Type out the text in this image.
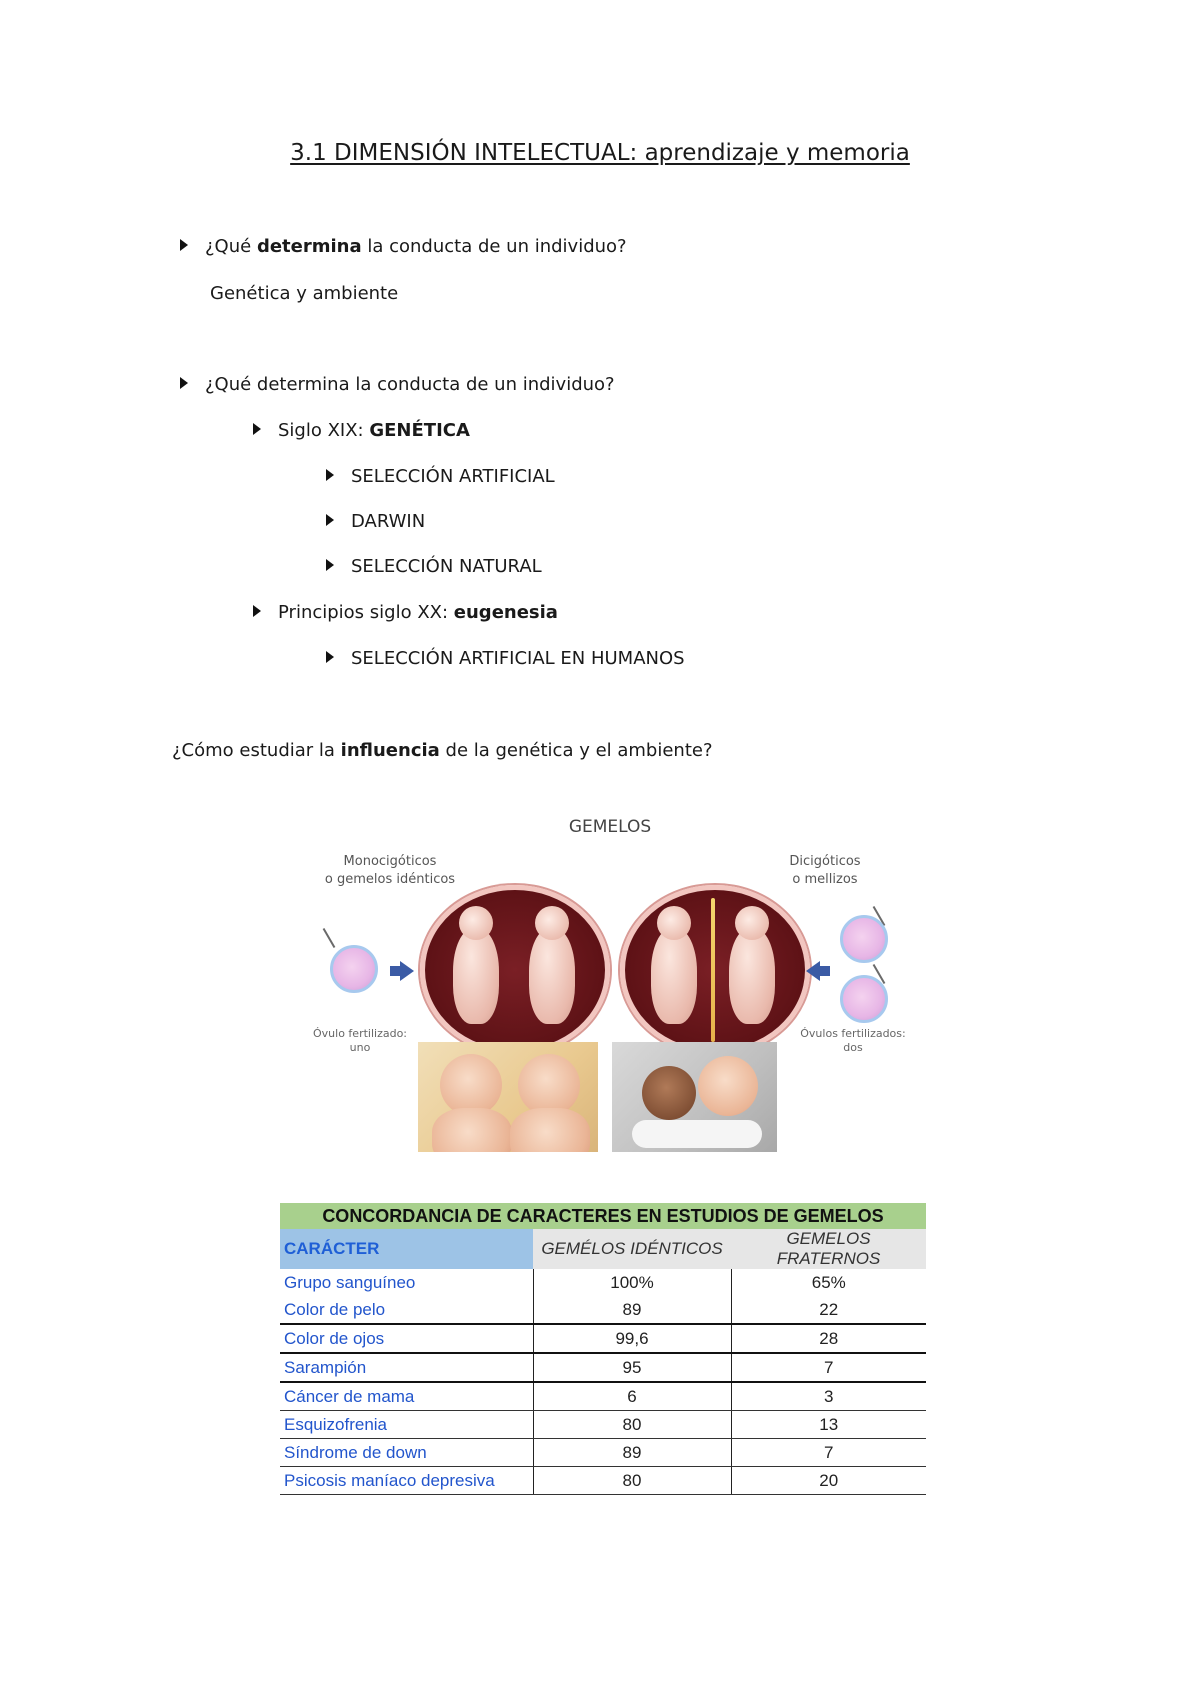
3.1 DIMENSIÓN INTELECTUAL: aprendizaje y memoria
¿Qué determina la conducta de un individuo?
Genética y ambiente
¿Qué determina la conducta de un individuo?
Siglo XIX: GENÉTICA
SELECCIÓN ARTIFICIAL
DARWIN
SELECCIÓN NATURAL
Principios siglo XX: eugenesia
SELECCIÓN ARTIFICIAL EN HUMANOS
¿Cómo estudiar la influencia de la genética y el ambiente?
GEMELOS
Monocigóticos
o gemelos idénticos
Dicigóticos
o mellizos
Óvulo fertilizado:
uno
Óvulos fertilizados:
dos
CONCORDANCIA DE CARACTERES EN ESTUDIOS DE GEMELOS		
CARÁCTER	GEMÉLOS IDÉNTICOS	GEMELOS FRATERNOS
Grupo sanguíneo	100%	65%
Color de pelo	89	22
Color de ojos	99,6	28
Sarampión	95	7
Cáncer de mama	6	3
Esquizofrenia	80	13
Síndrome de down	89	7
Psicosis maníaco depresiva	80	20
